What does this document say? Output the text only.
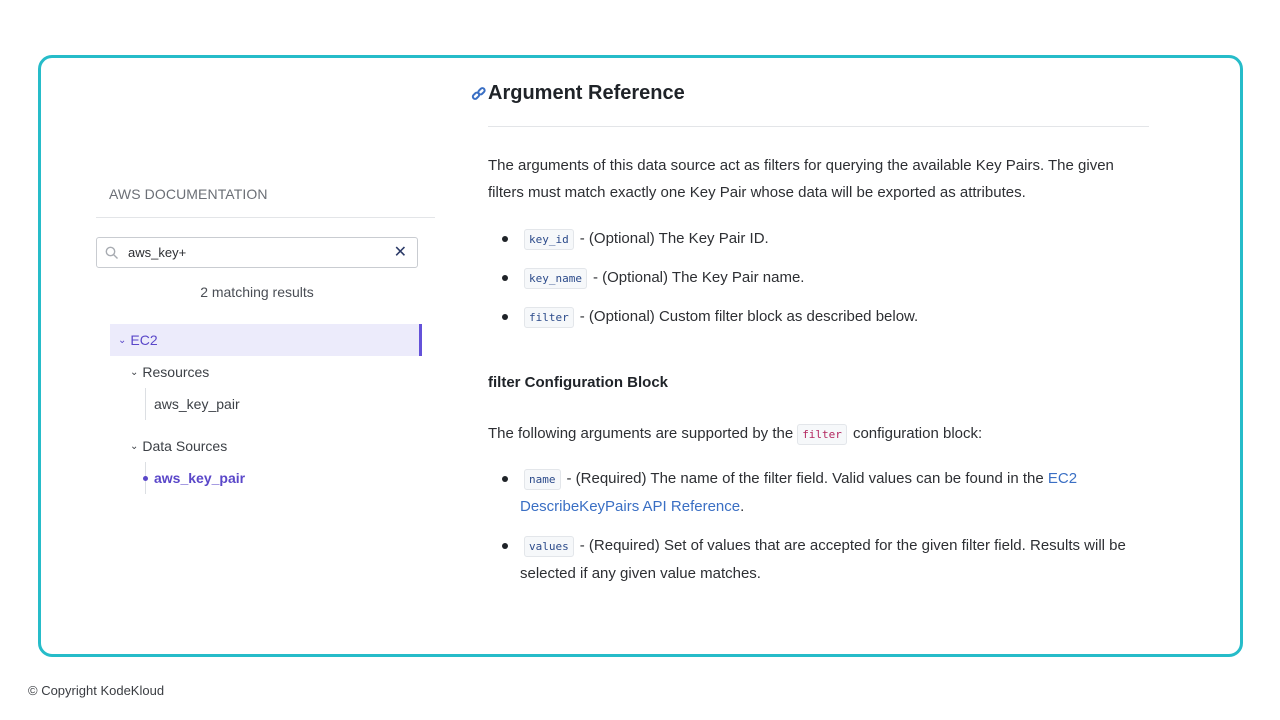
AWS DOCUMENTATION
aws_key+
✕
2 matching results
⌄ EC2
⌄ Resources
aws_key_pair
⌄ Data Sources
aws_key_pair
Argument Reference
The arguments of this data source act as filters for querying the available Key Pairs. The given filters must match exactly one Key Pair whose data will be exported as attributes.
key_id - (Optional) The Key Pair ID.
key_name - (Optional) The Key Pair name.
filter - (Optional) Custom filter block as described below.
filter Configuration Block
The following arguments are supported by the filter configuration block:
name - (Required) The name of the filter field. Valid values can be found in the EC2 DescribeKeyPairs API Reference.
values - (Required) Set of values that are accepted for the given filter field. Results will be selected if any given value matches.
© Copyright KodeKloud
